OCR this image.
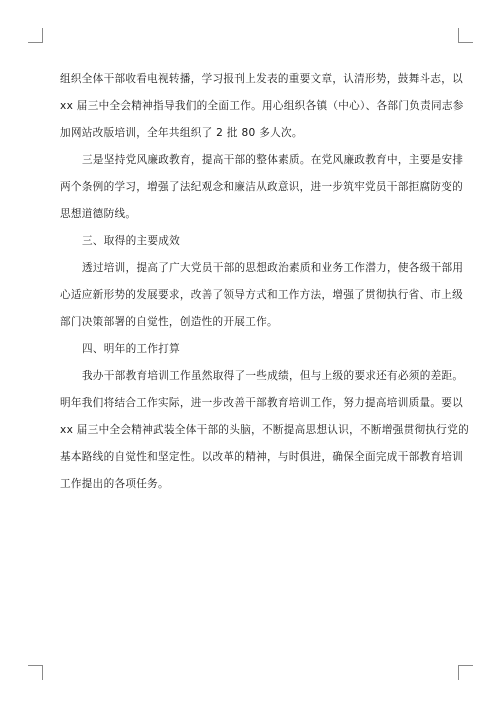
组织全体干部收看电视转播，学习报刊上发表的重要文章，认清形势，鼓舞斗志，以
xx 届三中全会精神指导我们的全面工作。用心组织各镇（中心）、各部门负责同志参
加网站改版培训，全年共组织了 2 批 80 多人次。

三是坚持党风廉政教育，提高干部的整体素质。在党风廉政教育中，主要是安排
两个条例的学习，增强了法纪观念和廉洁从政意识，进一步筑牢党员干部拒腐防变的
思想道德防线。

三、取得的主要成效

透过培训，提高了广大党员干部的思想政治素质和业务工作潜力，使各级干部用
心适应新形势的发展要求，改善了领导方式和工作方法，增强了贯彻执行省、市上级
部门决策部署的自觉性，创造性的开展工作。

四、明年的工作打算

我办干部教育培训工作虽然取得了一些成绩，但与上级的要求还有必须的差距。
明年我们将结合工作实际，进一步改善干部教育培训工作，努力提高培训质量。要以
xx 届三中全会精神武装全体干部的头脑，不断提高思想认识，不断增强贯彻执行党的
基本路线的自觉性和坚定性。以改革的精神，与时俱进，确保全面完成干部教育培训
工作提出的各项任务。
